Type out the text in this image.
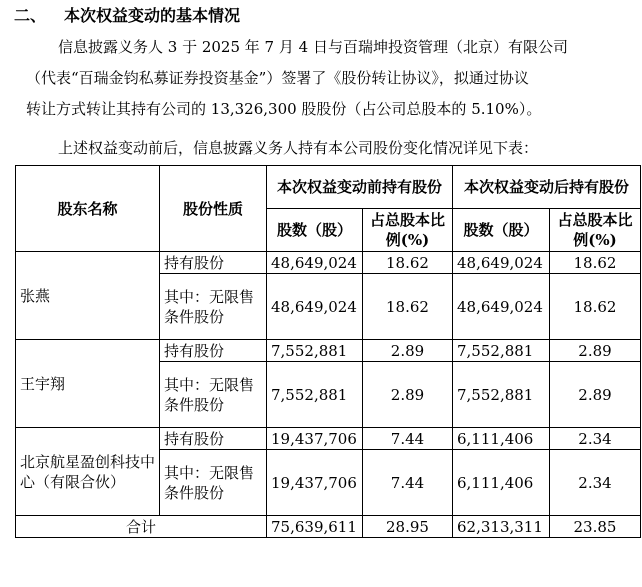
二、 本次权益变动的基本情况

信息披露义务人 3 于 2025 年 7 月 4 日与百瑞坤投资管理（北京）有限公司
（代表“百瑞金钧私募证券投资基金”）签署了《股份转让协议》，拟通过协议
转让方式转让其持有公司的 13,326,300 股股份（占公司总股本的 5.10%）。

上述权益变动前后，信息披露义务人持有本公司股份变化情况详见下表：

股东名称	股份性质	本次权益变动前持有股份		本次权益变动后持有股份	
		股数（股）	占总股本比例(%)	股数（股）	占总股本比例(%)
张燕	持有股份	48,649,024	18.62	48,649,024	18.62
	其中：无限售条件股份	48,649,024	18.62	48,649,024	18.62
王宇翔	持有股份	7,552,881	2.89	7,552,881	2.89
	其中：无限售条件股份	7,552,881	2.89	7,552,881	2.89
北京航星盈创科技中心（有限合伙）	持有股份	19,437,706	7.44	6,111,406	2.34
	其中：无限售条件股份	19,437,706	7.44	6,111,406	2.34
合计		75,639,611	28.95	62,313,311	23.85
